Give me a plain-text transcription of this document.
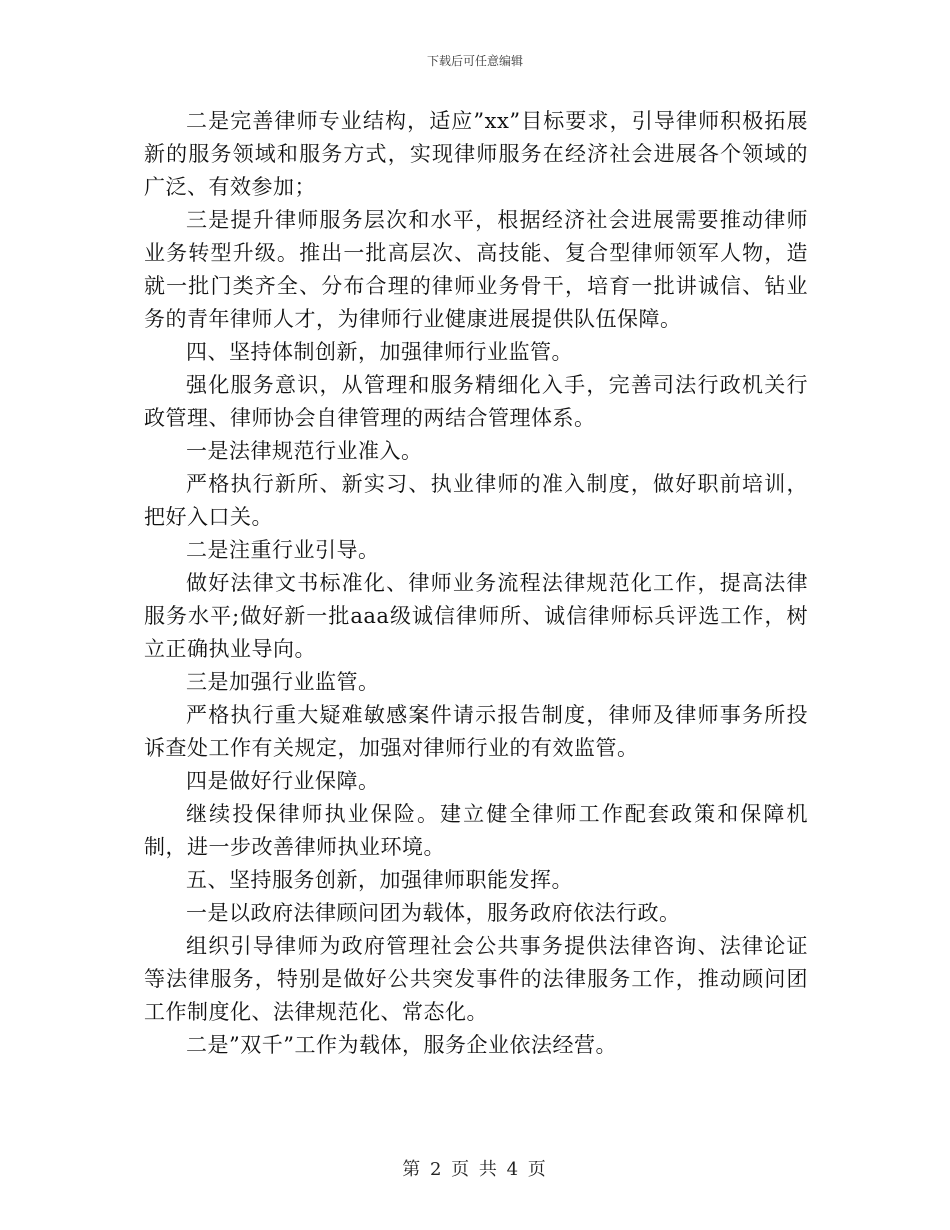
下载后可任意编辑

二是完善律师专业结构，适应”xx”目标要求，引导律师积极拓展新的服务领域和服务方式，实现律师服务在经济社会进展各个领域的广泛、有效参加；

三是提升律师服务层次和水平，根据经济社会进展需要推动律师业务转型升级。推出一批高层次、高技能、复合型律师领军人物，造就一批门类齐全、分布合理的律师业务骨干，培育一批讲诚信、钻业务的青年律师人才，为律师行业健康进展提供队伍保障。

四、坚持体制创新，加强律师行业监管。

强化服务意识，从管理和服务精细化入手，完善司法行政机关行政管理、律师协会自律管理的两结合管理体系。

一是法律规范行业准入。

严格执行新所、新实习、执业律师的准入制度，做好职前培训，把好入口关。

二是注重行业引导。

做好法律文书标准化、律师业务流程法律规范化工作，提高法律服务水平;做好新一批aaa级诚信律师所、诚信律师标兵评选工作，树立正确执业导向。

三是加强行业监管。

严格执行重大疑难敏感案件请示报告制度，律师及律师事务所投诉查处工作有关规定，加强对律师行业的有效监管。

四是做好行业保障。

继续投保律师执业保险。建立健全律师工作配套政策和保障机制，进一步改善律师执业环境。

五、坚持服务创新，加强律师职能发挥。

一是以政府法律顾问团为载体，服务政府依法行政。

组织引导律师为政府管理社会公共事务提供法律咨询、法律论证等法律服务，特别是做好公共突发事件的法律服务工作，推动顾问团工作制度化、法律规范化、常态化。

二是”双千”工作为载体，服务企业依法经营。

第 2 页 共 4 页
